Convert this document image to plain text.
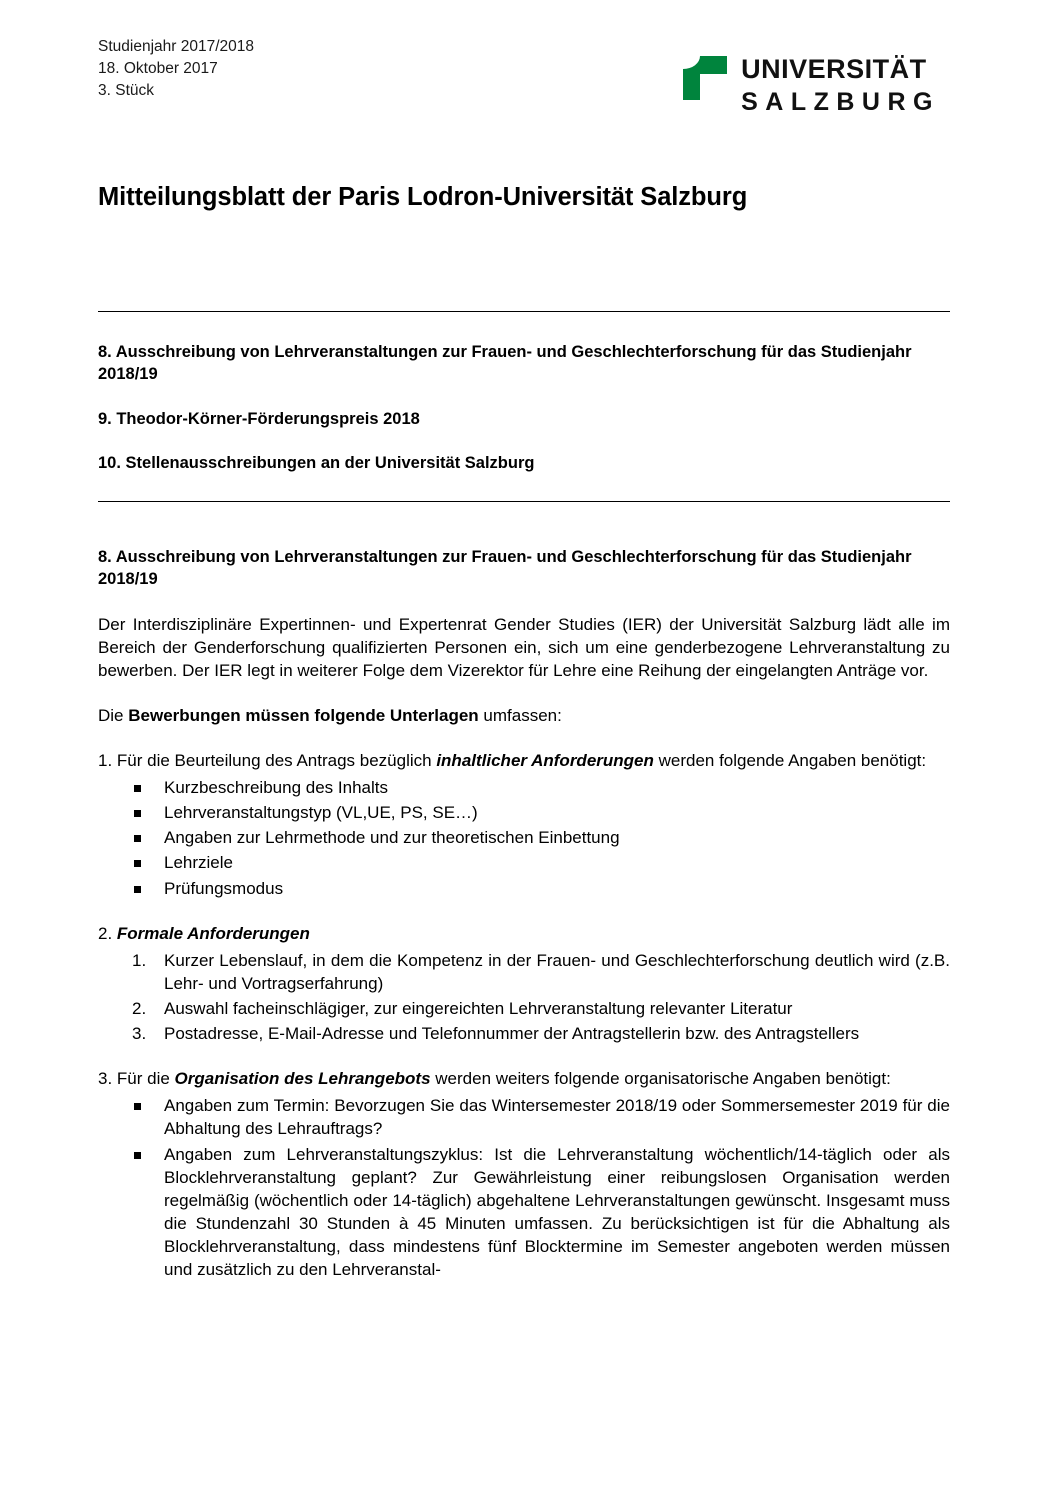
Studienjahr 2017/2018
18. Oktober 2017
3. Stück
UNIVERSITÄT
SALZBURG
Mitteilungsblatt der Paris Lodron-Universität Salzburg
8. Ausschreibung von Lehrveranstaltungen zur Frauen- und Geschlechterforschung für das Studienjahr 2018/19
9. Theodor-Körner-Förderungspreis 2018
10. Stellenausschreibungen an der Universität Salzburg
8. Ausschreibung von Lehrveranstaltungen zur Frauen- und Geschlechterforschung für das Studienjahr 2018/19

Der Interdisziplinäre Expertinnen- und Expertenrat Gender Studies (IER) der Universität Salzburg lädt alle im Bereich der Genderforschung qualifizierten Personen ein, sich um eine genderbezogene Lehrveranstaltung zu bewerben. Der IER legt in weiterer Folge dem Vizerektor für Lehre eine Reihung der eingelangten Anträge vor.

Die Bewerbungen müssen folgende Unterlagen umfassen:

1. Für die Beurteilung des Antrags bezüglich inhaltlicher Anforderungen werden folgende Angaben benötigt:

Kurzbeschreibung des Inhalts
Lehrveranstaltungstyp (VL,UE, PS, SE…)
Angaben zur Lehrmethode und zur theoretischen Einbettung
Lehrziele
Prüfungsmodus
2. Formale Anforderungen
Kurzer Lebenslauf, in dem die Kompetenz in der Frauen- und Geschlechterforschung deutlich wird (z.B. Lehr- und Vortragserfahrung)
Auswahl facheinschlägiger, zur eingereichten Lehrveranstaltung relevanter Literatur
Postadresse, E-Mail-Adresse und Telefonnummer der Antragstellerin bzw. des Antragstellers

3. Für die Organisation des Lehrangebots werden weiters folgende organisatorische Angaben benötigt:

Angaben zum Termin: Bevorzugen Sie das Wintersemester 2018/19 oder Sommersemester 2019 für die Abhaltung des Lehrauftrags?
Angaben zum Lehrveranstaltungszyklus: Ist die Lehrveranstaltung wöchentlich/14-täglich oder als Blocklehrveranstaltung geplant? Zur Gewährleistung einer reibungslosen Organisation werden regelmäßig (wöchentlich oder 14-täglich) abgehaltene Lehrveranstaltungen gewünscht. Insgesamt muss die Stundenzahl 30 Stunden à 45 Minuten umfassen. Zu berücksichtigen ist für die Abhaltung als Blocklehrveranstaltung, dass mindestens fünf Blocktermine im Semester angeboten werden müssen und zusätzlich zu den Lehrveranstal-
